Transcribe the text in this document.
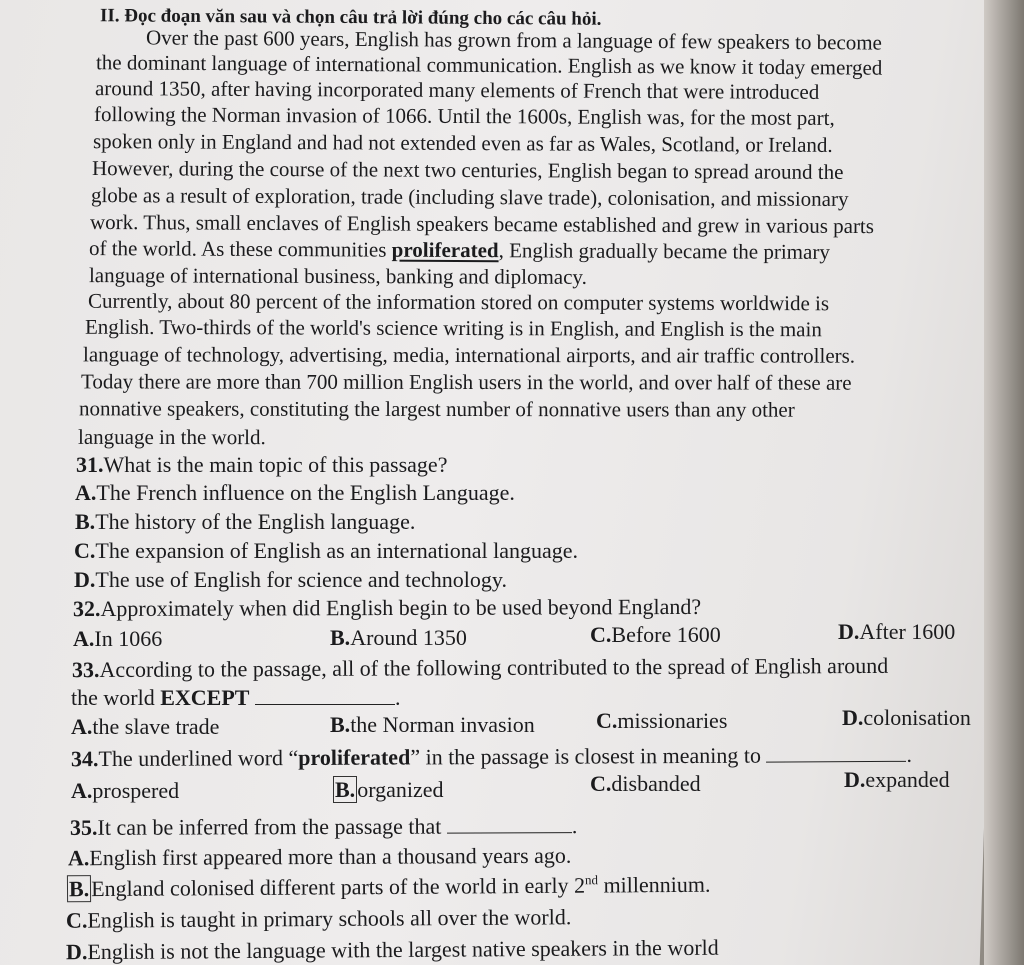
II. Đọc đoạn văn sau và chọn câu trả lời đúng cho các câu hỏi.
Over the past 600 years, English has grown from a language of few speakers to become
the dominant language of international communication. English as we know it today emerged
around 1350, after having incorporated many elements of French that were introduced
following the Norman invasion of 1066. Until the 1600s, English was, for the most part,
spoken only in England and had not extended even as far as Wales, Scotland, or Ireland.
However, during the course of the next two centuries, English began to spread around the
globe as a result of exploration, trade (including slave trade), colonisation, and missionary
work. Thus, small enclaves of English speakers became established and grew in various parts
of the world. As these communities proliferated, English gradually became the primary
language of international business, banking and diplomacy.
Currently, about 80 percent of the information stored on computer systems worldwide is
English. Two-thirds of the world's science writing is in English, and English is the main
language of technology, advertising, media, international airports, and air traffic controllers.
Today there are more than 700 million English users in the world, and over half of these are
nonnative speakers, constituting the largest number of nonnative users than any other
language in the world.
31.What is the main topic of this passage?
A.The French influence on the English Language.
B.The history of the English language.
C.The expansion of English as an international language.
D.The use of English for science and technology.
32.Approximately when did English begin to be used beyond England?
A.In 1066	B.Around 1350	C.Before 1600	D.After 1600
33.According to the passage, all of the following contributed to the spread of English around
the world EXCEPT	.
A.the slave trade	B.the Norman invasion	C.missionaries	D.colonisation
34.The underlined word “proliferated” in the passage is closest in meaning to	.
A.prospered	B.organized	C.disbanded	D.expanded
35.It can be inferred from the passage that	.
A.English first appeared more than a thousand years ago.
B.England colonised different parts of the world in early 2nd millennium.
C.English is taught in primary schools all over the world.
D.English is not the language with the largest native speakers in the world
